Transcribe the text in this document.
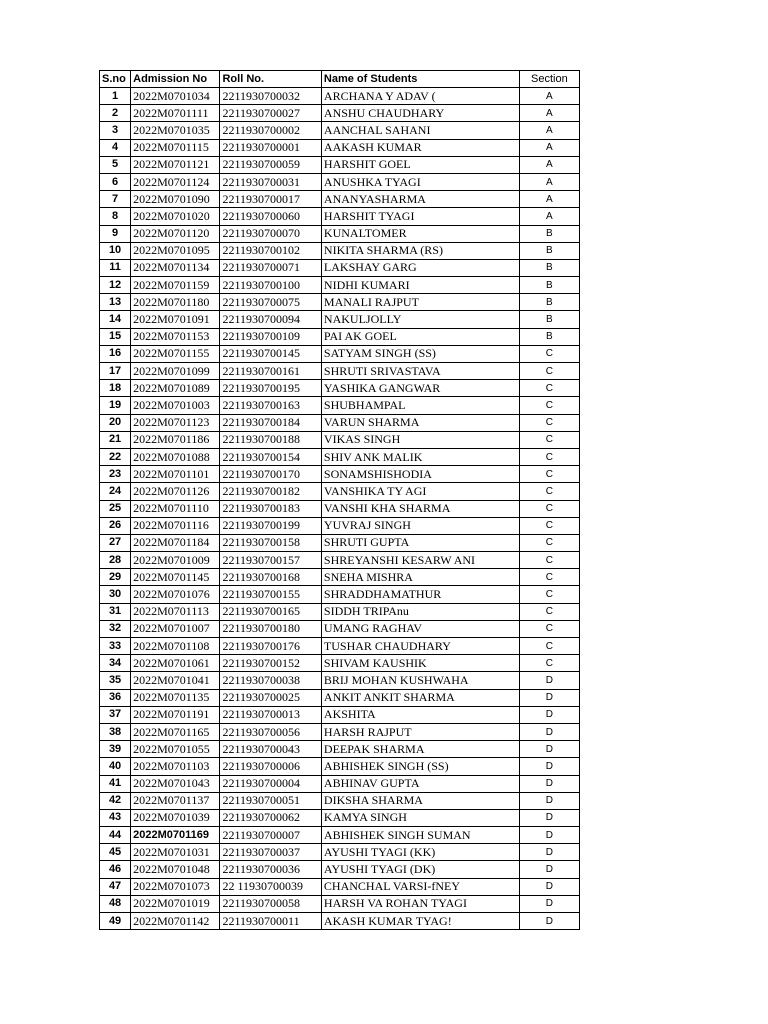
S.no	Admission No	Roll No.	Name of Students	Section
1	2022M0701034	2211930700032	ARCHANA Y ADAV (	A
2	2022M0701111	2211930700027	ANSHU CHAUDHARY	A
3	2022M0701035	2211930700002	AANCHAL SAHANI	A
4	2022M0701115	2211930700001	AAKASH KUMAR	A
5	2022M0701121	2211930700059	HARSHIT GOEL	A
6	2022M0701124	2211930700031	ANUSHKA TYAGI	A
7	2022M0701090	2211930700017	ANANYASHARMA	A
8	2022M0701020	2211930700060	HARSHIT TYAGI	A
9	2022M0701120	2211930700070	KUNALTOMER	B
10	2022M0701095	2211930700102	NIKITA SHARMA (RS)	B
11	2022M0701134	2211930700071	LAKSHAY GARG	B
12	2022M0701159	2211930700100	NIDHI KUMARI	B
13	2022M0701180	2211930700075	MANALI RAJPUT	B
14	2022M0701091	2211930700094	NAKULJOLLY	B
15	2022M0701153	2211930700109	PAI AK GOEL	B
16	2022M0701155	2211930700145	SATYAM SINGH (SS)	C
17	2022M0701099	2211930700161	SHRUTI SRIVASTAVA	C
18	2022M0701089	2211930700195	YASHIKA GANGWAR	C
19	2022M0701003	2211930700163	SHUBHAMPAL	C
20	2022M0701123	2211930700184	VARUN SHARMA	C
21	2022M0701186	2211930700188	VIKAS SINGH	C
22	2022M0701088	2211930700154	SHIV ANK MALIK	C
23	2022M0701101	2211930700170	SONAMSHISHODIA	C
24	2022M0701126	2211930700182	VANSHIKA TY AGI	C
25	2022M0701110	2211930700183	VANSHI KHA SHARMA	C
26	2022M0701116	2211930700199	YUVRAJ SINGH	C
27	2022M0701184	2211930700158	SHRUTI GUPTA	C
28	2022M0701009	2211930700157	SHREYANSHI KESARW ANI	C
29	2022M0701145	2211930700168	SNEHA MISHRA	C
30	2022M0701076	2211930700155	SHRADDHAMATHUR	C
31	2022M0701113	2211930700165	SIDDH TRIPAnu	C
32	2022M0701007	2211930700180	UMANG RAGHAV	C
33	2022M0701108	2211930700176	TUSHAR CHAUDHARY	C
34	2022M0701061	2211930700152	SHIVAM KAUSHIK	C
35	2022M0701041	2211930700038	BRIJ MOHAN KUSHWAHA	D
36	2022M0701135	2211930700025	ANKIT ANKIT SHARMA	D
37	2022M0701191	2211930700013	AKSHITA	D
38	2022M0701165	2211930700056	HARSH RAJPUT	D
39	2022M0701055	2211930700043	DEEPAK SHARMA	D
40	2022M0701103	2211930700006	ABHISHEK SINGH (SS)	D
41	2022M0701043	2211930700004	ABHINAV GUPTA	D
42	2022M0701137	2211930700051	DIKSHA SHARMA	D
43	2022M0701039	2211930700062	KAMYA SINGH	D
44	2022M0701169	2211930700007	ABHISHEK SINGH SUMAN	D
45	2022M0701031	2211930700037	AYUSHI TYAGI (KK)	D
46	2022M0701048	2211930700036	AYUSHI TYAGI (DK)	D
47	2022M0701073	22 11930700039	CHANCHAL VARSI-fNEY	D
48	2022M0701019	2211930700058	HARSH VA ROHAN TYAGI	D
49	2022M0701142	2211930700011	AKASH KUMAR TYAG!	D
